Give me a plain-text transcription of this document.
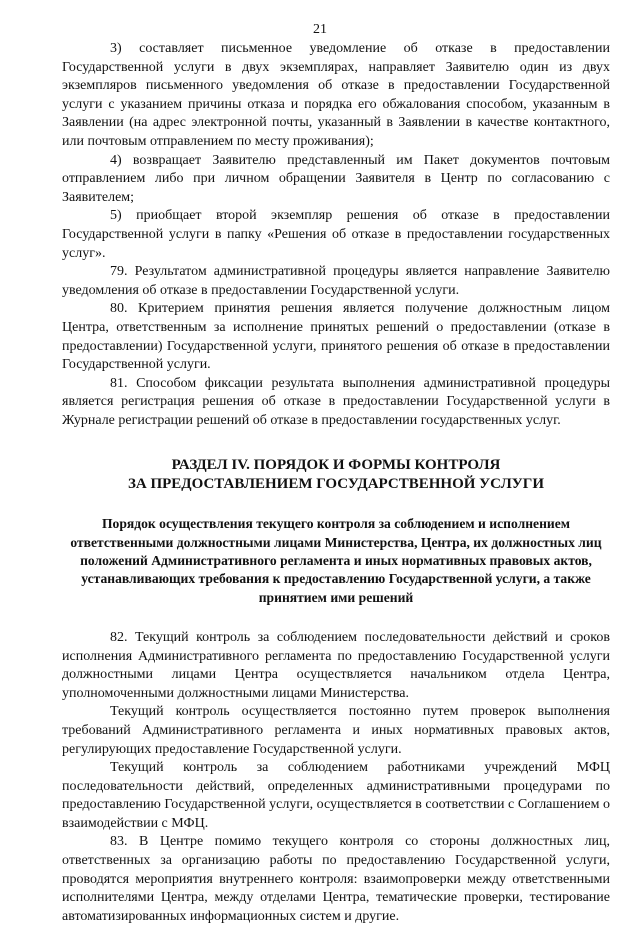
21

3) составляет письменное уведомление об отказе в предоставлении Государственной услуги в двух экземплярах, направляет Заявителю один из двух экземпляров письменного уведомления об отказе в предоставлении Государственной услуги с указанием причины отказа и порядка его обжалования способом, указанным в Заявлении (на адрес электронной почты, указанный в Заявлении в качестве контактного, или почтовым отправлением по месту проживания);

4) возвращает Заявителю представленный им Пакет документов почтовым отправлением либо при личном обращении Заявителя в Центр по согласованию с Заявителем;

5) приобщает второй экземпляр решения об отказе в предоставлении Государственной услуги в папку «Решения об отказе в предоставлении государственных услуг».

79. Результатом административной процедуры является направление Заявителю уведомления об отказе в предоставлении Государственной услуги.

80. Критерием принятия решения является получение должностным лицом Центра, ответственным за исполнение принятых решений о предоставлении (отказе в предоставлении) Государственной услуги, принятого решения об отказе в предоставлении Государственной услуги.

81. Способом фиксации результата выполнения административной процедуры является регистрация решения об отказе в предоставлении Государственной услуги в Журнале регистрации решений об отказе в предоставлении государственных услуг.

РАЗДЕЛ IV. ПОРЯДОК И ФОРМЫ КОНТРОЛЯ
ЗА ПРЕДОСТАВЛЕНИЕМ ГОСУДАРСТВЕННОЙ УСЛУГИ
Порядок осуществления текущего контроля за соблюдением и исполнением ответственными должностными лицами Министерства, Центра, их должностных лиц положений Административного регламента и иных нормативных правовых актов, устанавливающих требования к предоставлению Государственной услуги, а также принятием ими решений

82. Текущий контроль за соблюдением последовательности действий и сроков исполнения Административного регламента по предоставлению Государственной услуги должностными лицами Центра осуществляется начальником отдела Центра, уполномоченными должностными лицами Министерства.

Текущий контроль осуществляется постоянно путем проверок выполнения требований Административного регламента и иных нормативных правовых актов, регулирующих предоставление Государственной услуги.

Текущий контроль за соблюдением работниками учреждений МФЦ последовательности действий, определенных административными процедурами по предоставлению Государственной услуги, осуществляется в соответствии с Соглашением о взаимодействии с МФЦ.

83. В Центре помимо текущего контроля со стороны должностных лиц, ответственных за организацию работы по предоставлению Государственной услуги, проводятся мероприятия внутреннего контроля: взаимопроверки между ответственными исполнителями Центра, между отделами Центра, тематические проверки, тестирование автоматизированных информационных систем и другие.
